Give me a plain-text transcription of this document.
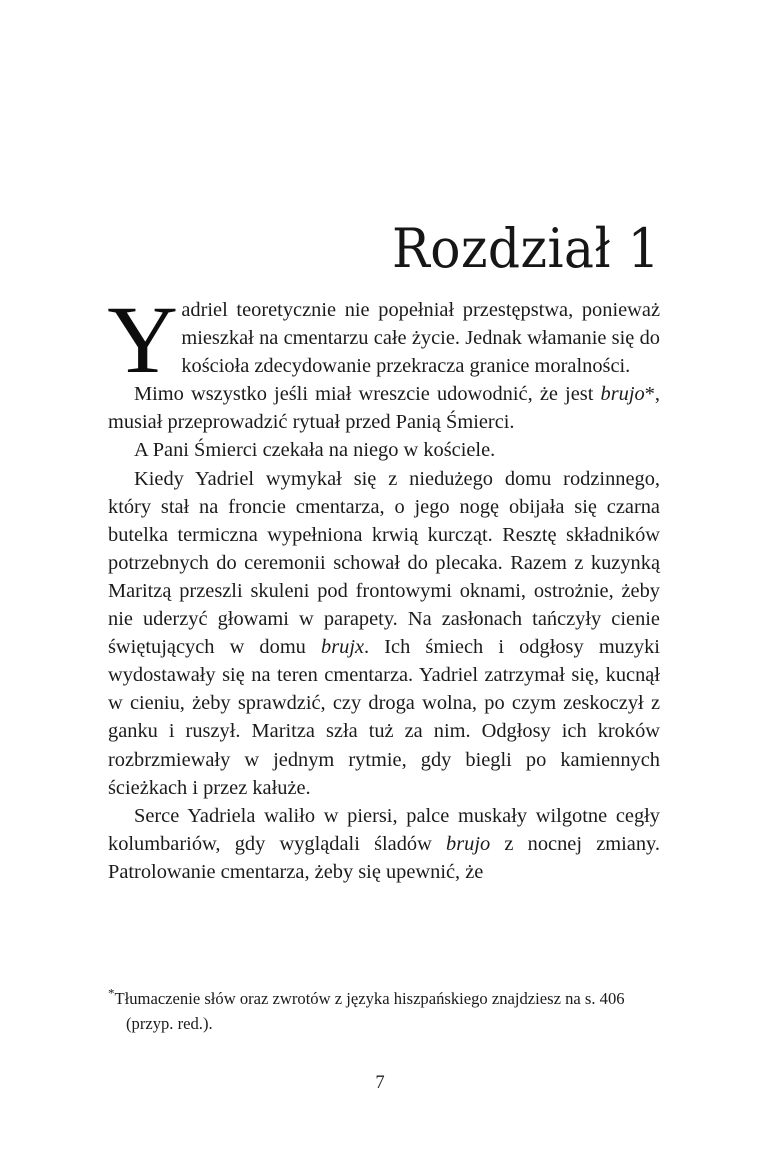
Rozdział 1

Yadriel teoretycznie nie popełniał przestępstwa, ponieważ mieszkał na cmentarzu całe życie. Jednak włamanie się do kościoła zdecydowanie przekracza granice moralności.

Mimo wszystko jeśli miał wreszcie udowodnić, że jest brujo*, musiał przeprowadzić rytuał przed Panią Śmierci.

A Pani Śmierci czekała na niego w kościele.

Kiedy Yadriel wymykał się z niedużego domu rodzinnego, który stał na froncie cmentarza, o jego nogę obijała się czarna butelka termiczna wypełniona krwią kurcząt. Resztę składników potrzebnych do ceremonii schował do plecaka. Razem z kuzynką Maritzą przeszli skuleni pod frontowymi oknami, ostrożnie, żeby nie uderzyć głowami w parapety. Na zasłonach tańczyły cienie świętujących w domu brujx. Ich śmiech i odgłosy muzyki wydostawały się na teren cmentarza. Yadriel zatrzymał się, kucnął w cieniu, żeby sprawdzić, czy droga wolna, po czym zeskoczył z ganku i ruszył. Maritza szła tuż za nim. Odgłosy ich kroków rozbrzmiewały w jednym rytmie, gdy biegli po kamiennych ścieżkach i przez kałuże.

Serce Yadriela waliło w piersi, palce muskały wilgotne cegły kolumbariów, gdy wyglądali śladów brujo z nocnej zmiany. Patrolowanie cmentarza, żeby się upewnić, że

*Tłumaczenie słów oraz zwrotów z języka hiszpańskiego znajdziesz na s. 406 (przyp. red.).
7
